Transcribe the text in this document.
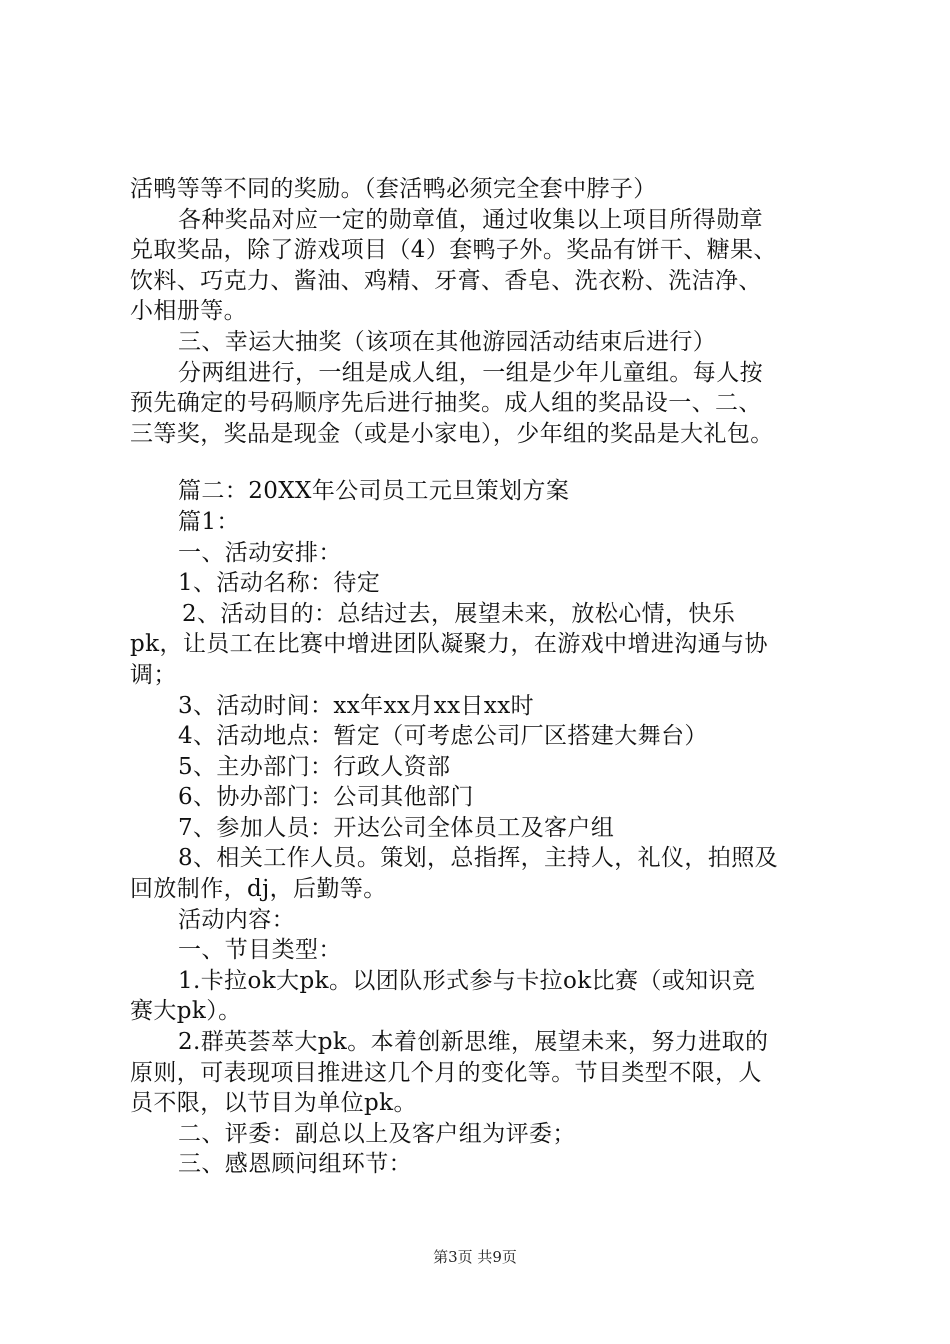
活鸭等等不同的奖励。（套活鸭必须完全套中脖子）
各种奖品对应一定的勋章值，通过收集以上项目所得勋章
兑取奖品，除了游戏项目（4）套鸭子外。奖品有饼干、糖果、
饮料、巧克力、酱油、鸡精、牙膏、香皂、洗衣粉、洗洁净、
小相册等。
三、幸运大抽奖（该项在其他游园活动结束后进行）
分两组进行，一组是成人组，一组是少年儿童组。每人按
预先确定的号码顺序先后进行抽奖。成人组的奖品设一、二、
三等奖，奖品是现金（或是小家电），少年组的奖品是大礼包。
篇二：20XX年公司员工元旦策划方案
篇1：
一、活动安排：
1、活动名称：待定
2、活动目的：总结过去，展望未来，放松心情，快乐
pk，让员工在比赛中增进团队凝聚力，在游戏中增进沟通与协
调；
3、活动时间：xx年xx月xx日xx时
4、活动地点：暂定（可考虑公司厂区搭建大舞台）
5、主办部门：行政人资部
6、协办部门：公司其他部门
7、参加人员：开达公司全体员工及客户组
8、相关工作人员。策划，总指挥，主持人，礼仪，拍照及
回放制作，dj，后勤等。
活动内容：
一、节目类型：
1.卡拉ok大pk。以团队形式参与卡拉ok比赛（或知识竞
赛大pk）。
2.群英荟萃大pk。本着创新思维，展望未来，努力进取的
原则，可表现项目推进这几个月的变化等。节目类型不限，人
员不限，以节目为单位pk。
二、评委：副总以上及客户组为评委；
三、感恩顾问组环节：
第3页 共9页
